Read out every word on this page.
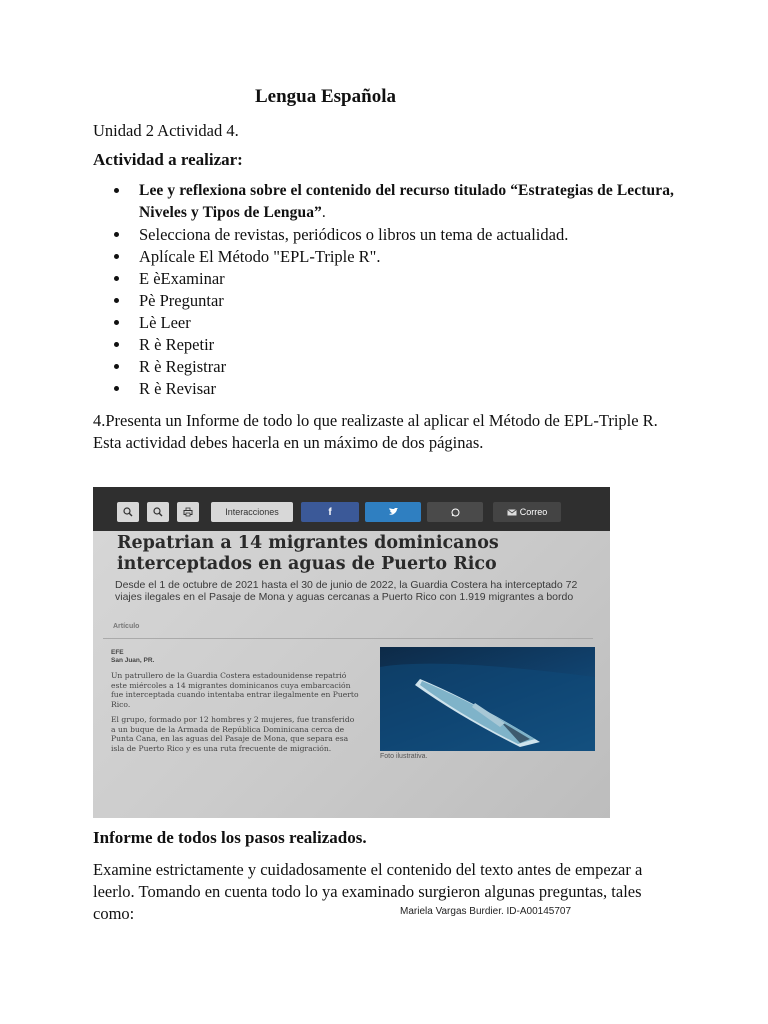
Lengua Española

Unidad 2 Actividad 4.

Actividad a realizar:

Lee y reflexiona sobre el contenido del recurso titulado “Estrategias de Lectura, Niveles y Tipos de Lengua”.
Selecciona de revistas, periódicos o libros un tema de actualidad.
Aplícale El Método "EPL-Triple R".
E èExaminar
Pè Preguntar
Lè Leer
R è Repetir
R è Registrar
R è Revisar

4.Presenta un Informe de todo lo que realizaste al aplicar el Método de EPL-Triple R. Esta actividad debes hacerla en un máximo de dos páginas.

Interacciones	f	Correo
Repatrian a 14 migrantes dominicanos interceptados en aguas de Puerto Rico
Desde el 1 de octubre de 2021 hasta el 30 de junio de 2022, la Guardia Costera ha interceptado 72 viajes ilegales en el Pasaje de Mona y aguas cercanas a Puerto Rico con 1.919 migrantes a bordo
Artículo
EFE
San Juan, PR.

Un patrullero de la Guardia Costera estadounidense repatrió este miércoles a 14 migrantes dominicanos cuya embarcación fue interceptada cuando intentaba entrar ilegalmente en Puerto Rico.

El grupo, formado por 12 hombres y 2 mujeres, fue transferido a un buque de la Armada de República Dominicana cerca de Punta Cana, en las aguas del Pasaje de Mona, que separa esa isla de Puerto Rico y es una ruta frecuente de migración.

Foto ilustrativa.

Informe de todos los pasos realizados.

Examine estrictamente y cuidadosamente el contenido del texto antes de empezar a leerlo. Tomando en cuenta todo lo ya examinado surgieron algunas preguntas, tales como:	Mariela Vargas Burdier. ID-A00145707
